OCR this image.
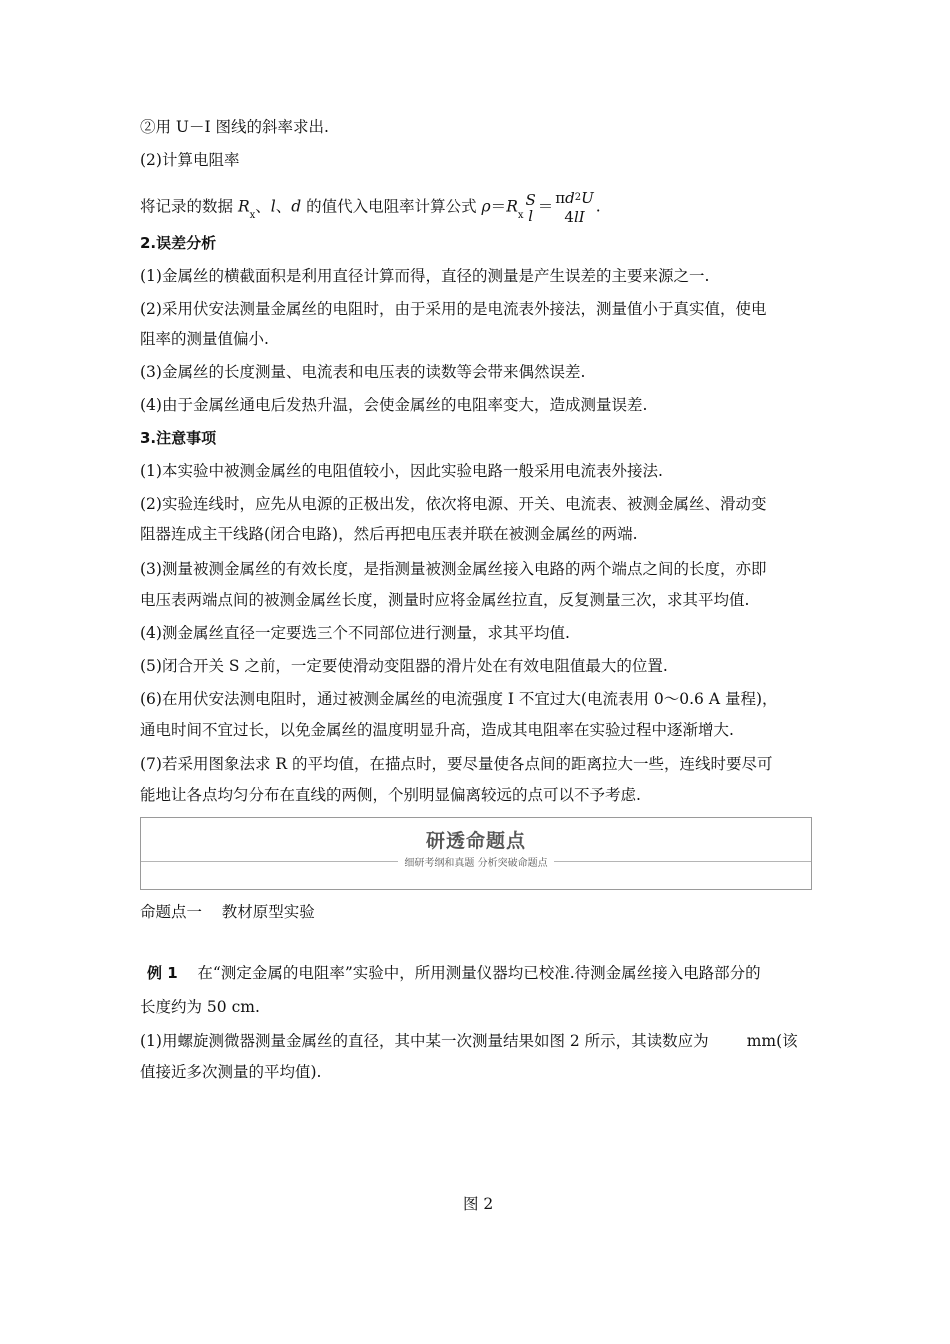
②用 U－I 图线的斜率求出.
(2)计算电阻率
将记录的数据 $R_x$、l、d 的值代入电阻率计算公式 $\rho=R_x$
S
$l = \pi d^2U$
4lI
.
2.误差分析
(1)金属丝的横截面积是利用直径计算而得，直径的测量是产生误差的主要来源之一.
(2)采用伏安法测量金属丝的电阻时，由于采用的是电流表外接法，测量值小于真实值，使电
阻率的测量值偏小.
(3)金属丝的长度测量、电流表和电压表的读数等会带来偶然误差.
(4)由于金属丝通电后发热升温，会使金属丝的电阻率变大，造成测量误差.
3.注意事项
(1)本实验中被测金属丝的电阻值较小，因此实验电路一般采用电流表外接法.
(2)实验连线时，应先从电源的正极出发，依次将电源、开关、电流表、被测金属丝、滑动变
阻器连成主干线路(闭合电路)，然后再把电压表并联在被测金属丝的两端.
(3)测量被测金属丝的有效长度，是指测量被测金属丝接入电路的两个端点之间的长度，亦即
电压表两端点间的被测金属丝长度，测量时应将金属丝拉直，反复测量三次，求其平均值.
(4)测金属丝直径一定要选三个不同部位进行测量，求其平均值.
(5)闭合开关 S 之前，一定要使滑动变阻器的滑片处在有效电阻值最大的位置.
(6)在用伏安法测电阻时，通过被测金属丝的电流强度 I 不宜过大(电流表用 0～0.6 A 量程)，
通电时间不宜过长，以免金属丝的温度明显升高，造成其电阻率在实验过程中逐渐增大.
(7)若采用图象法求 R 的平均值，在描点时，要尽量使各点间的距离拉大一些，连线时要尽可
能地让各点均匀分布在直线的两侧，个别明显偏离较远的点可以不予考虑.
研透命题点
细研考纲和真题 分析突破命题点
命题点一    教材原型实验
例 1 在“测定金属的电阻率”实验中，所用测量仪器均已校准.待测金属丝接入电路部分的
长度约为 50 cm.
(1)用螺旋测微器测量金属丝的直径，其中某一次测量结果如图 2 所示，其读数应为 mm(该
值接近多次测量的平均值).
图 2
